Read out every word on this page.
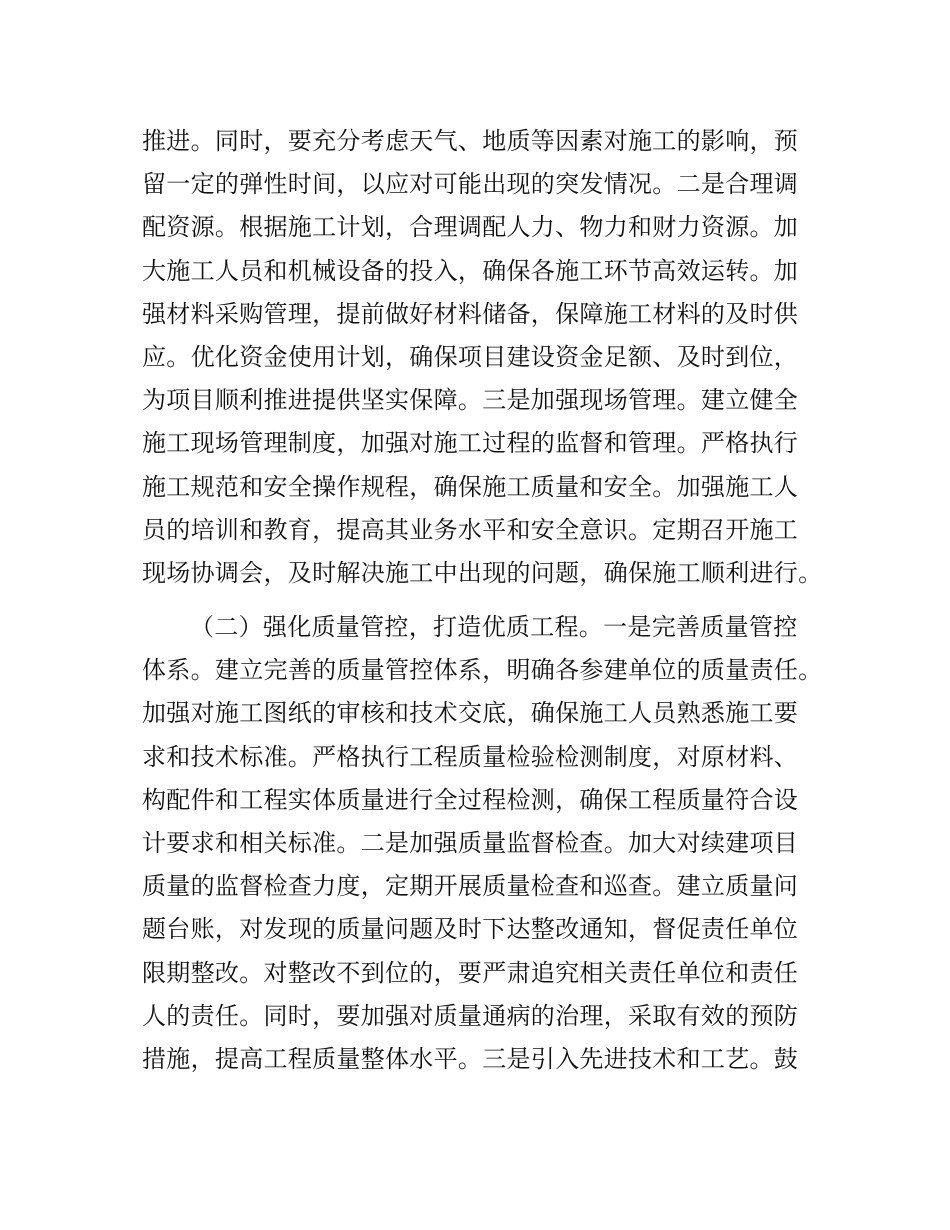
推进。同时，要充分考虑天气、地质等因素对施工的影响，预
留一定的弹性时间，以应对可能出现的突发情况。二是合理调
配资源。根据施工计划，合理调配人力、物力和财力资源。加
大施工人员和机械设备的投入，确保各施工环节高效运转。加
强材料采购管理，提前做好材料储备，保障施工材料的及时供
应。优化资金使用计划，确保项目建设资金足额、及时到位，
为项目顺利推进提供坚实保障。三是加强现场管理。建立健全
施工现场管理制度，加强对施工过程的监督和管理。严格执行
施工规范和安全操作规程，确保施工质量和安全。加强施工人
员的培训和教育，提高其业务水平和安全意识。定期召开施工
现场协调会，及时解决施工中出现的问题，确保施工顺利进行。
（二）强化质量管控，打造优质工程。一是完善质量管控
体系。建立完善的质量管控体系，明确各参建单位的质量责任。
加强对施工图纸的审核和技术交底，确保施工人员熟悉施工要
求和技术标准。严格执行工程质量检验检测制度，对原材料、
构配件和工程实体质量进行全过程检测，确保工程质量符合设
计要求和相关标准。二是加强质量监督检查。加大对续建项目
质量的监督检查力度，定期开展质量检查和巡查。建立质量问
题台账，对发现的质量问题及时下达整改通知，督促责任单位
限期整改。对整改不到位的，要严肃追究相关责任单位和责任
人的责任。同时，要加强对质量通病的治理，采取有效的预防
措施，提高工程质量整体水平。三是引入先进技术和工艺。鼓
